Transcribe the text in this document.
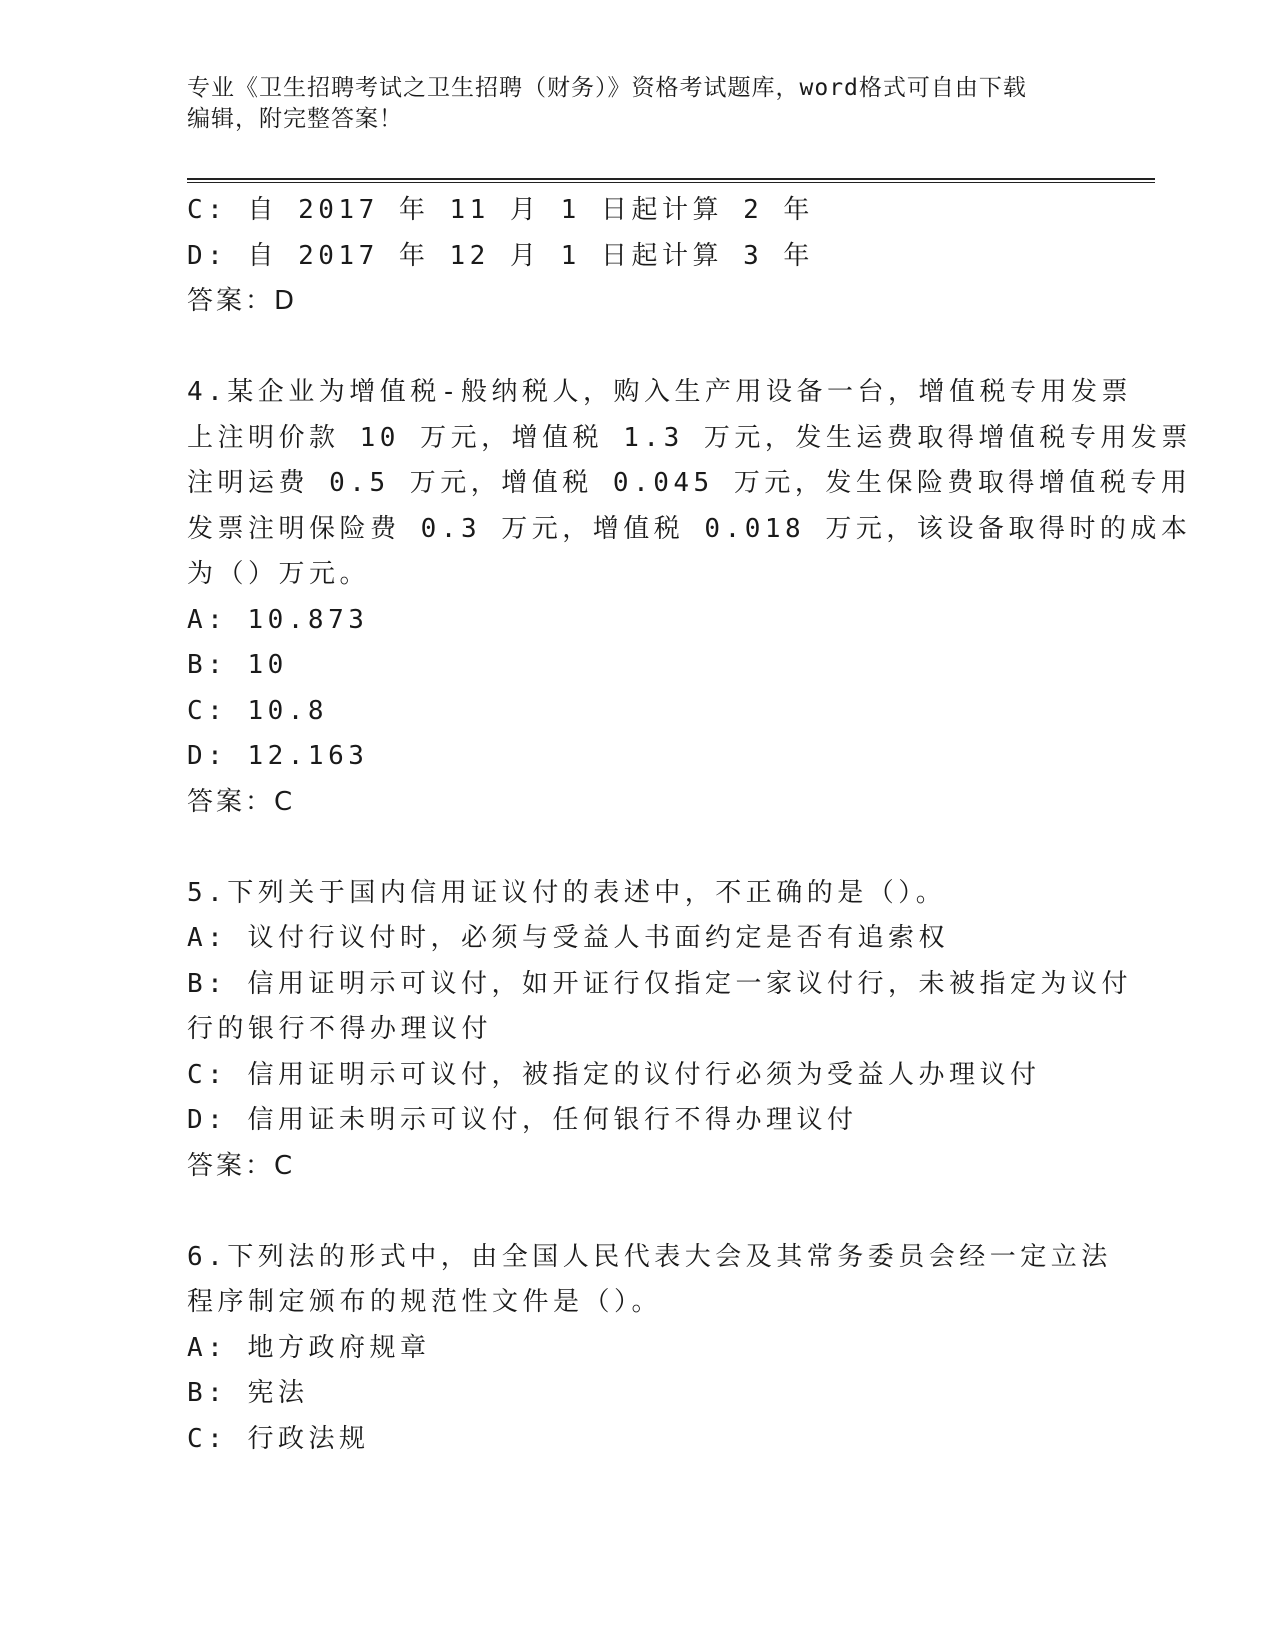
专业《卫生招聘考试之卫生招聘（财务）》资格考试题库，word格式可自由下载
编辑，附完整答案！
C: 自 2017 年 11 月 1 日起计算 2 年
D: 自 2017 年 12 月 1 日起计算 3 年
答案：D
4.某企业为增值税-般纳税人，购入生产用设备一台，增值税专用发票
上注明价款 10 万元，增值税 1.3 万元，发生运费取得增值税专用发票
注明运费 0.5 万元，增值税 0.045 万元，发生保险费取得增值税专用
发票注明保险费 0.3 万元，增值税 0.018 万元，该设备取得时的成本
为（）万元。
A: 10.873
B: 10
C: 10.8
D: 12.163
答案：C
5.下列关于国内信用证议付的表述中，不正确的是（）。
A: 议付行议付时，必须与受益人书面约定是否有追索权
B: 信用证明示可议付，如开证行仅指定一家议付行，未被指定为议付
行的银行不得办理议付
C: 信用证明示可议付，被指定的议付行必须为受益人办理议付
D: 信用证未明示可议付，任何银行不得办理议付
答案：C
6.下列法的形式中，由全国人民代表大会及其常务委员会经一定立法
程序制定颁布的规范性文件是（）。
A: 地方政府规章
B: 宪法
C: 行政法规
